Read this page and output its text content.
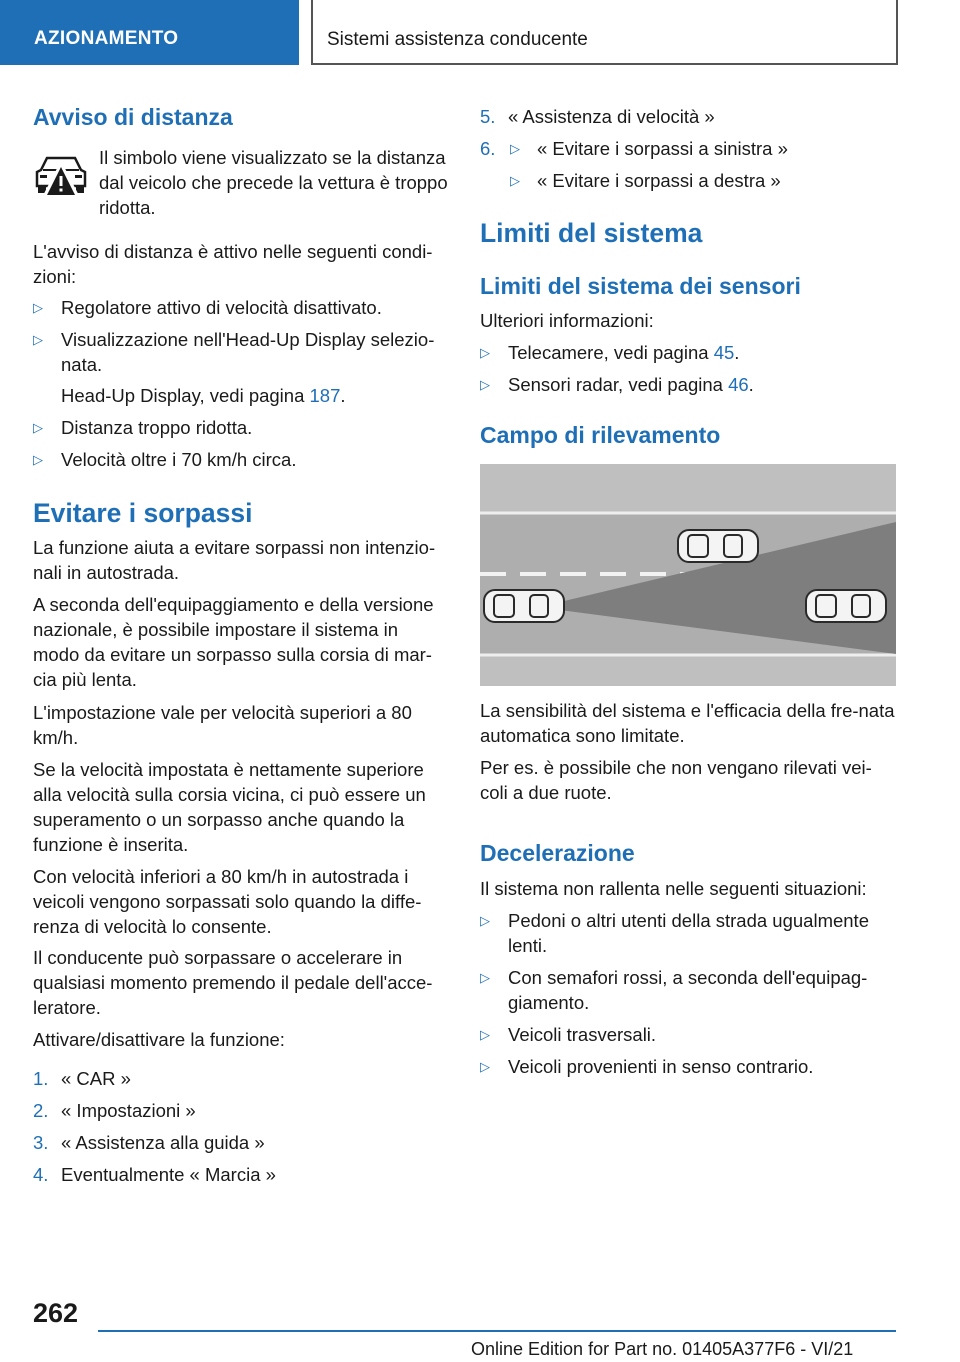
AZIONAMENTO	Sistemi assistenza conducente
Avviso di distanza
Il simbolo viene visualizzato se la distanza dal veicolo che precede la vettura è troppo ridotta.
L'avviso di distanza è attivo nelle seguenti condi-zioni:
▷ Regolatore attivo di velocità disattivato.
▷ Visualizzazione nell'Head-Up Display selezio-nata.
Head-Up Display, vedi pagina 187.
▷ Distanza troppo ridotta.
▷ Velocità oltre i 70 km/h circa.
Evitare i sorpassi
La funzione aiuta a evitare sorpassi non intenzio-nali in autostrada.
A seconda dell'equipaggiamento e della versione nazionale, è possibile impostare il sistema in modo da evitare un sorpasso sulla corsia di mar-cia più lenta.
L'impostazione vale per velocità superiori a 80 km/h.
Se la velocità impostata è nettamente superiore alla velocità sulla corsia vicina, ci può essere un superamento o un sorpasso anche quando la funzione è inserita.
Con velocità inferiori a 80 km/h in autostrada i veicoli vengono sorpassati solo quando la diffe-renza di velocità lo consente.
Il conducente può sorpassare o accelerare in qualsiasi momento premendo il pedale dell'acce-leratore.
Attivare/disattivare la funzione:
1. « CAR »
2. « Impostazioni »
3. « Assistenza alla guida »
4. Eventualmente « Marcia »
5. « Assistenza di velocità »
6. ▷ « Evitare i sorpassi a sinistra »
▷ « Evitare i sorpassi a destra »
Limiti del sistema
Limiti del sistema dei sensori
Ulteriori informazioni:
▷ Telecamere, vedi pagina 45.
▷ Sensori radar, vedi pagina 46.
Campo di rilevamento
La sensibilità del sistema e l'efficacia della fre-nata automatica sono limitate.
Per es. è possibile che non vengano rilevati vei-coli a due ruote.
Decelerazione
Il sistema non rallenta nelle seguenti situazioni:
▷ Pedoni o altri utenti della strada ugualmente lenti.
▷ Con semafori rossi, a seconda dell'equipag-giamento.
▷ Veicoli trasversali.
▷ Veicoli provenienti in senso contrario.
262
Online Edition for Part no. 01405A377F6 - VI/21
